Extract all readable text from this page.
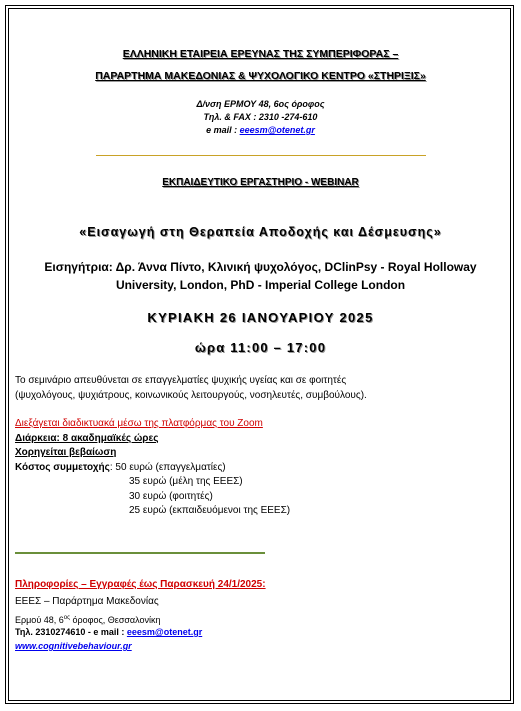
ΕΛΛΗΝΙΚΗ ΕΤΑΙΡΕΙΑ ΕΡΕΥΝΑΣ ΤΗΣ ΣΥΜΠΕΡΙΦΟΡΑΣ –
ΠΑΡΑΡΤΗΜΑ ΜΑΚΕΔΟΝΙΑΣ & ΨΥΧΟΛΟΓΙΚΟ ΚΕΝΤΡΟ «ΣΤΗΡΙΞΙΣ»
Δ/νση ΕΡΜΟΥ 48, 6ος όροφος
Τηλ. & FAX : 2310 -274-610
e mail : eeesm@otenet.gr
ΕΚΠΑΙΔΕΥΤΙΚΟ ΕΡΓΑΣΤΗΡΙΟ - WEBINAR
«Εισαγωγή στη Θεραπεία Αποδοχής και Δέσμευσης»
Εισηγήτρια: Δρ. Άννα Πίντο, Κλινική ψυχολόγος, DClinPsy - Royal Holloway
University, London, PhD - Imperial College London
ΚΥΡΙΑΚΗ 26 ΙΑΝΟΥΑΡΙΟΥ 2025
ώρα 11:00 – 17:00
Το σεμινάριο απευθύνεται σε επαγγελματίες ψυχικής υγείας και σε φοιτητές
(ψυχολόγους, ψυχιάτρους, κοινωνικούς λειτουργούς, νοσηλευτές, συμβούλους).
Διεξάγεται διαδικτυακά μέσω της πλατφόρμας του Zoom
Διάρκεια: 8 ακαδημαϊκές ώρες
Χορηγείται βεβαίωση
Κόστος συμμετοχής: 50 ευρώ (επαγγελματίες)
35 ευρώ (μέλη της ΕΕΕΣ)
30 ευρώ (φοιτητές)
25 ευρώ (εκπαιδευόμενοι της ΕΕΕΣ)
Πληροφορίες – Εγγραφές έως Παρασκευή 24/1/2025:
ΕΕΕΣ – Παράρτημα Μακεδονίας
Ερμού 48, $6^{o\varsigma}$ όροφος, Θεσσαλονίκη
Τηλ. 2310274610 - e mail : eeesm@otenet.gr
www.cognitivebehaviour.gr
